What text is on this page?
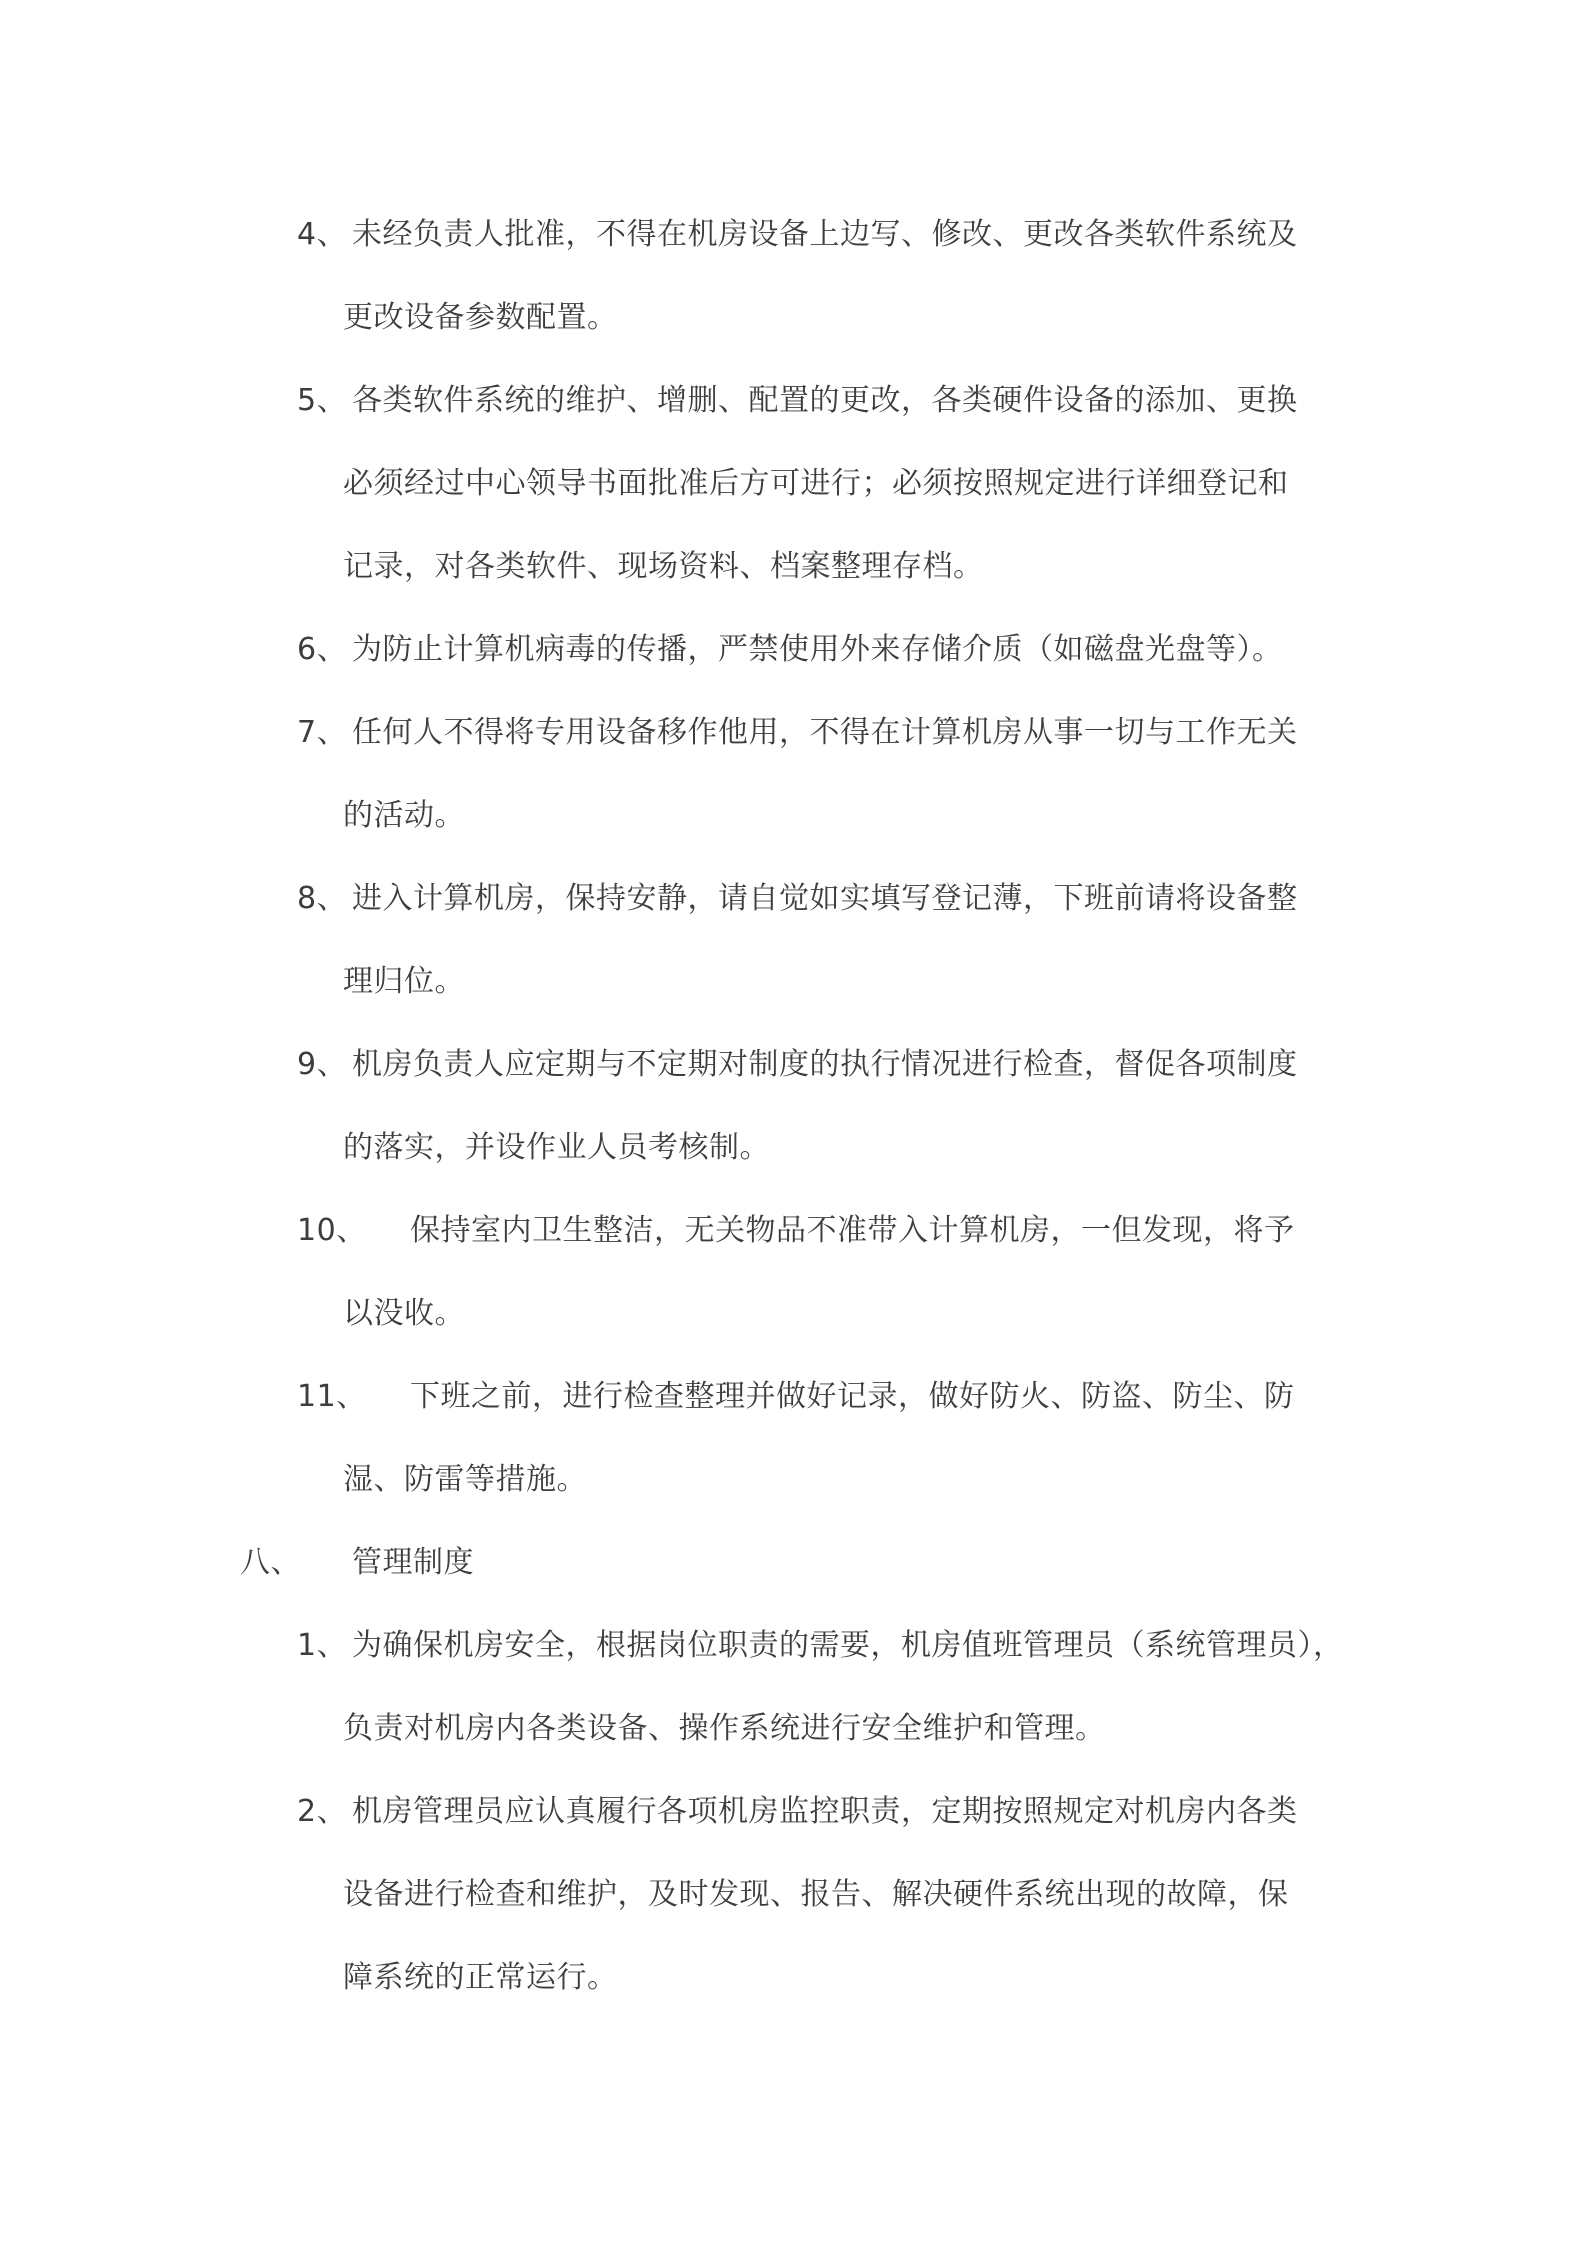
4、 未经负责人批准，不得在机房设备上边写、修改、更改各类软件系统及
更改设备参数配置。
5、 各类软件系统的维护、增删、配置的更改，各类硬件设备的添加、更换
必须经过中心领导书面批准后方可进行；必须按照规定进行详细登记和
记录，对各类软件、现场资料、档案整理存档。
6、 为防止计算机病毒的传播，严禁使用外来存储介质（如磁盘光盘等）。
7、 任何人不得将专用设备移作他用，不得在计算机房从事一切与工作无关
的活动。
8、 进入计算机房，保持安静，请自觉如实填写登记薄，下班前请将设备整
理归位。
9、 机房负责人应定期与不定期对制度的执行情况进行检查，督促各项制度
的落实，并设作业人员考核制。
10、 保持室内卫生整洁，无关物品不准带入计算机房，一但发现，将予
以没收。
11、 下班之前，进行检查整理并做好记录，做好防火、防盗、防尘、防
湿、防雷等措施。
八、 管理制度
1、 为确保机房安全，根据岗位职责的需要，机房值班管理员（系统管理员），
负责对机房内各类设备、操作系统进行安全维护和管理。
2、 机房管理员应认真履行各项机房监控职责，定期按照规定对机房内各类
设备进行检查和维护，及时发现、报告、解决硬件系统出现的故障，保
障系统的正常运行。
